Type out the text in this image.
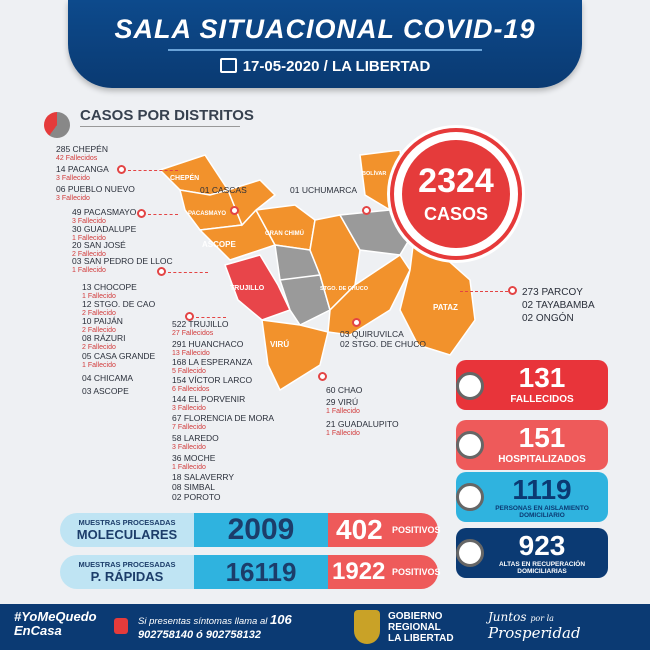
SALA SITUACIONAL COVID-19
17-05-2020 / LA LIBERTAD
CASOS POR DISTRITOS
CHEPÉN
PACASMAYO
ASCOPE
GRAN CHIMÚ
TRUJILLO	STGO. DE CHUCO
VIRÚ
PATAZ
BOLÍVAR
285 CHEPÉN
42 Fallecidos
14 PACANGA
3 Fallecido
06 PUEBLO NUEVO
3 Fallecido
49 PACASMAYO
3 Fallecido
30 GUADALUPE
1 Fallecido
20 SAN JOSÉ
2 Fallecido
03 SAN PEDRO DE LLOC
1 Fallecido
13 CHOCOPE
1 Fallecido
12 STGO. DE CAO
2 Fallecido
10 PAIJÁN
2 Fallecido
08 RÁZURI
2 Fallecido
05 CASA GRANDE
1 Fallecido
04 CHICAMA
03 ASCOPE
01 CASCAS	01 UCHUMARCA
522 TRUJILLO
27 Fallecidos
291 HUANCHACO
13 Fallecido
168 LA ESPERANZA
5 Fallecido
154 VÍCTOR LARCO
6 Fallecidos
144 EL PORVENIR
3 Fallecido
67 FLORENCIA DE MORA
7 Fallecido
58 LAREDO
3 Fallecido
36 MOCHE
1 Fallecido
18 SALAVERRY
08 SIMBAL
02 POROTO
03 QUIRUVILCA
02 STGO. DE CHUCO
60 CHAO
29 VIRÚ
1 Fallecido
21 GUADALUPITO
1 Fallecido
273 PARCOY
02 TAYABAMBA
02 ONGÓN
2324
CASOS
131
FALLECIDOS
151
HOSPITALIZADOS
1119
PERSONAS EN AISLAMIENTO DOMICILIARIO
923
ALTAS EN RECUPERACIÓN DOMICILIARIAS
MUESTRAS PROCESADAS
MOLECULARES	2009	402 POSITIVOS
MUESTRAS PROCESADAS
P. RÁPIDAS	16119	1922 POSITIVOS
#YoMeQuedo
EnCasa
Si presentas síntomas llama al 106
902758140 ó 902758132
GOBIERNO
REGIONAL
LA LIBERTAD
Juntos por la
Prosperidad
